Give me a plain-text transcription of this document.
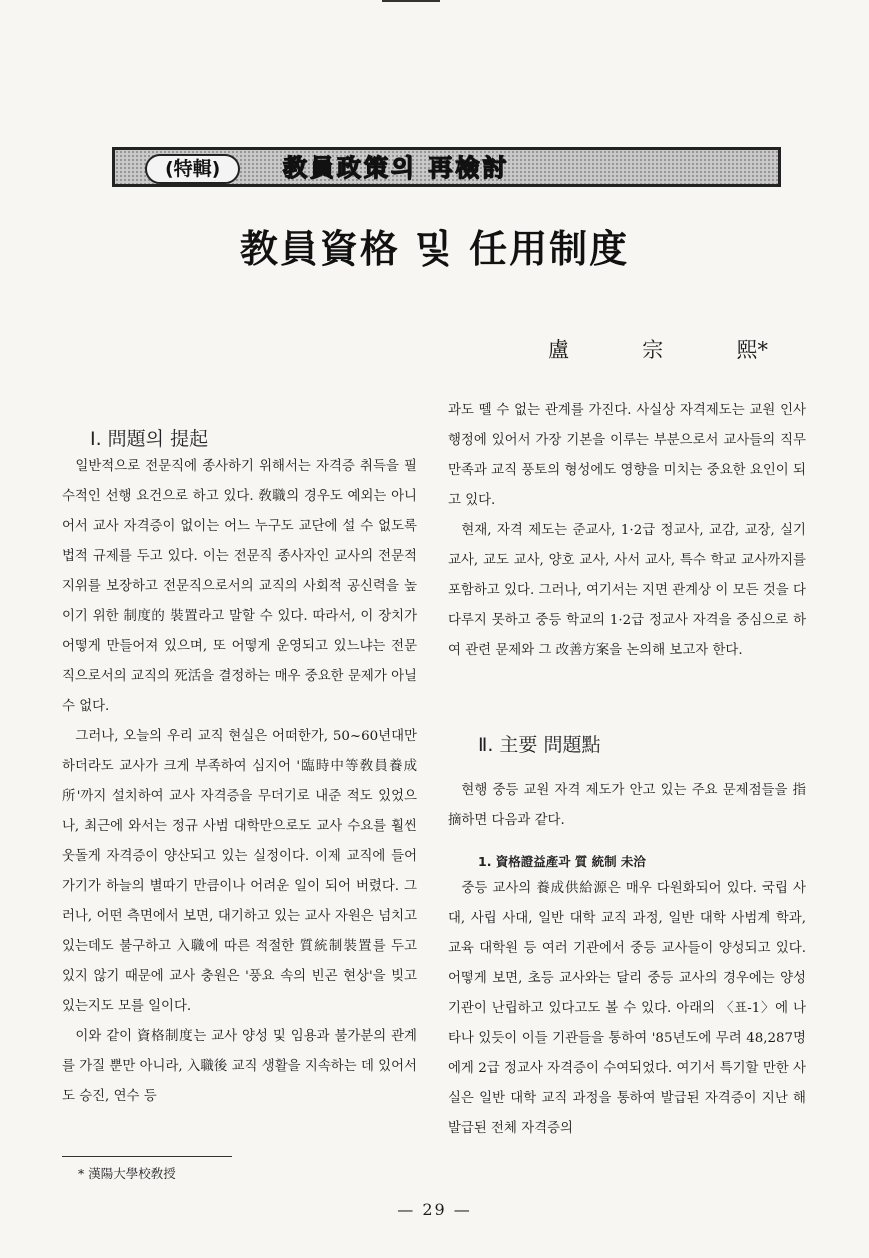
(特輯)	教員政策의 再檢討
教員資格 및 任用制度
盧	宗	熙*
Ⅰ. 問題의 提起

일반적으로 전문직에 종사하기 위해서는 자격증 취득을 필수적인 선행 요건으로 하고 있다. 敎職의 경우도 예외는 아니어서 교사 자격증이 없이는 어느 누구도 교단에 설 수 없도록 법적 규제를 두고 있다. 이는 전문직 종사자인 교사의 전문적 지위를 보장하고 전문직으로서의 교직의 사회적 공신력을 높이기 위한 制度的 裝置라고 말할 수 있다. 따라서, 이 장치가 어떻게 만들어져 있으며, 또 어떻게 운영되고 있느냐는 전문직으로서의 교직의 死活을 결정하는 매우 중요한 문제가 아닐 수 없다.

그러나, 오늘의 우리 교직 현실은 어떠한가, 50~60년대만 하더라도 교사가 크게 부족하여 심지어 '臨時中等敎員養成所'까지 설치하여 교사 자격증을 무더기로 내준 적도 있었으나, 최근에 와서는 정규 사범 대학만으로도 교사 수요를 훨씬 웃돌게 자격증이 양산되고 있는 실정이다. 이제 교직에 들어가기가 하늘의 별따기 만큼이나 어려운 일이 되어 버렸다. 그러나, 어떤 측면에서 보면, 대기하고 있는 교사 자원은 넘치고 있는데도 불구하고 入職에 따른 적절한 質統制裝置를 두고 있지 않기 때문에 교사 충원은 '풍요 속의 빈곤 현상'을 빚고 있는지도 모를 일이다.

이와 같이 資格制度는 교사 양성 및 임용과 불가분의 관계를 가질 뿐만 아니라, 入職後 교직 생활을 지속하는 데 있어서도 승진, 연수 등

과도 뗄 수 없는 관계를 가진다. 사실상 자격제도는 교원 인사 행정에 있어서 가장 기본을 이루는 부분으로서 교사들의 직무 만족과 교직 풍토의 형성에도 영향을 미치는 중요한 요인이 되고 있다.

현재, 자격 제도는 준교사, 1·2급 정교사, 교감, 교장, 실기 교사, 교도 교사, 양호 교사, 사서 교사, 특수 학교 교사까지를 포함하고 있다. 그러나, 여기서는 지면 관계상 이 모든 것을 다 다루지 못하고 중등 학교의 1·2급 정교사 자격을 중심으로 하여 관련 문제와 그 改善方案을 논의해 보고자 한다.

Ⅱ. 主要 問題點

현행 중등 교원 자격 제도가 안고 있는 주요 문제점들을 指摘하면 다음과 같다.

1. 資格證益產과 質 統制 未洽

중등 교사의 養成供給源은 매우 다원화되어 있다. 국립 사대, 사립 사대, 일반 대학 교직 과정, 일반 대학 사범계 학과, 교육 대학원 등 여러 기관에서 중등 교사들이 양성되고 있다. 어떻게 보면, 초등 교사와는 달리 중등 교사의 경우에는 양성 기관이 난립하고 있다고도 볼 수 있다. 아래의 〈표-1〉에 나타나 있듯이 이들 기관들을 통하여 '85년도에 무려 48,287명에게 2급 정교사 자격증이 수여되었다. 여기서 특기할 만한 사실은 일반 대학 교직 과정을 통하여 발급된 자격증이 지난 해 발급된 전체 자격증의

* 漢陽大學校敎授
— 29 —
